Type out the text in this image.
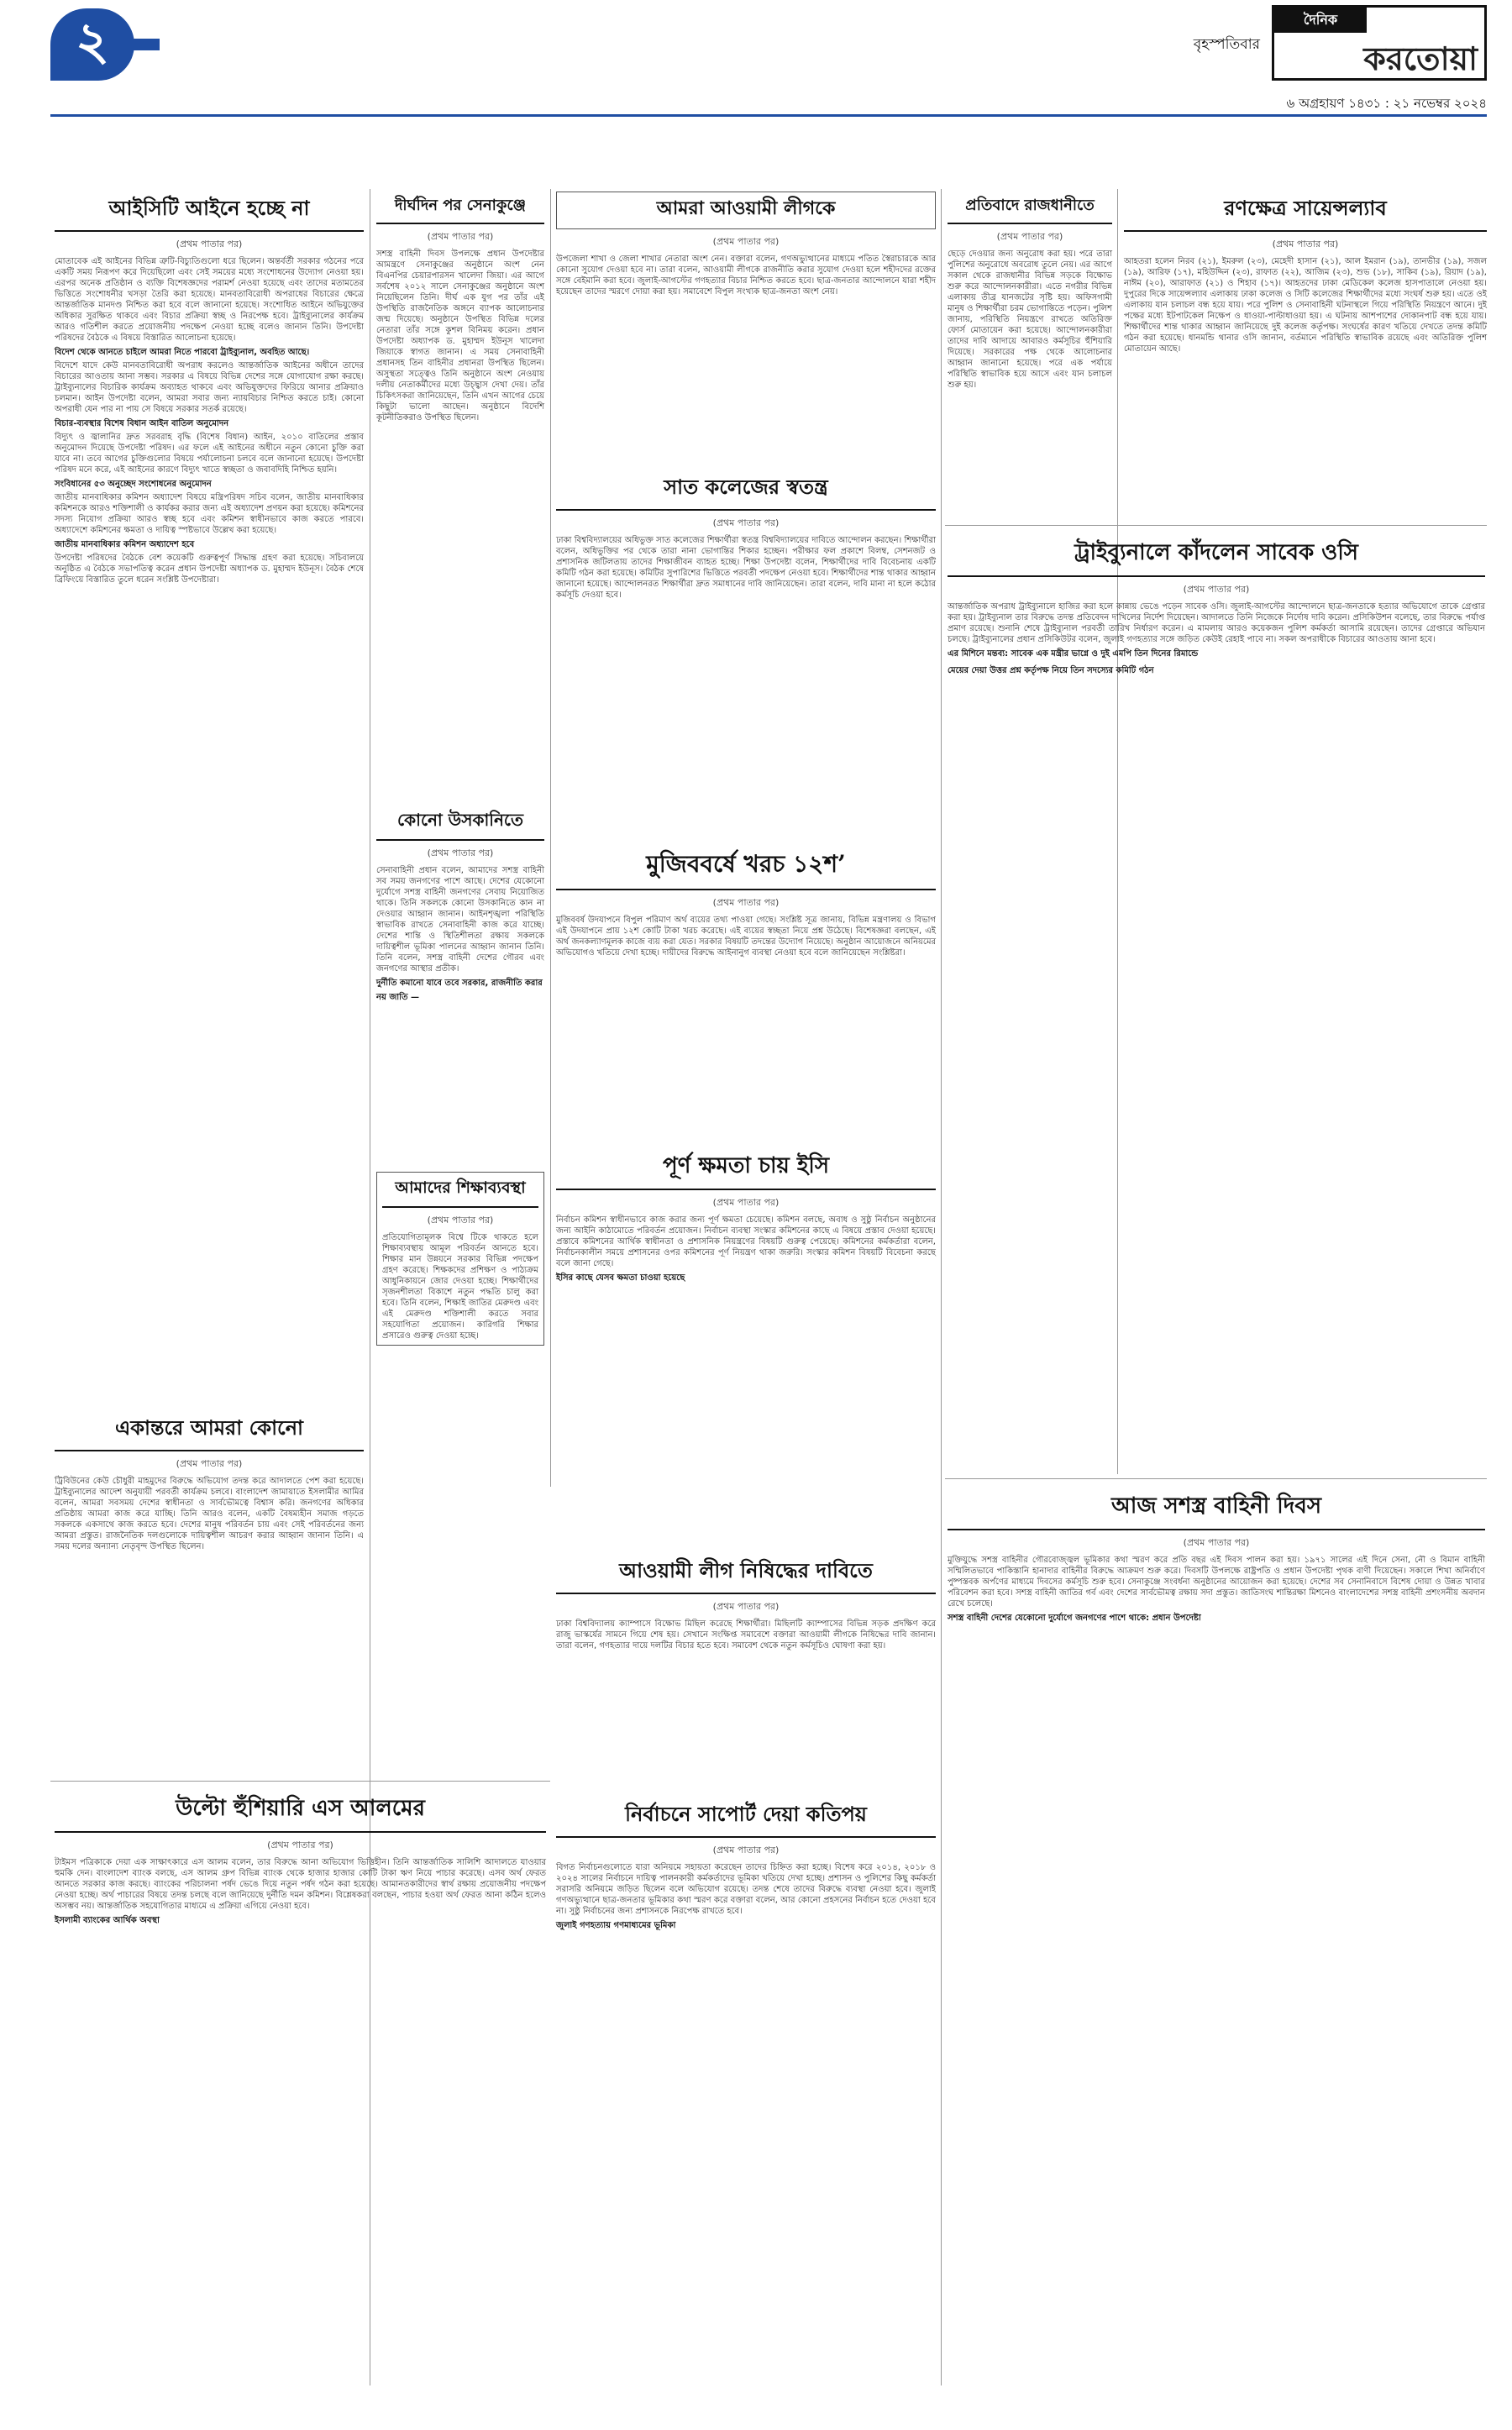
২	বৃহস্পতিবার
দৈনিক
করতোয়া
৬ অগ্রহায়ণ ১৪৩১ : ২১ নভেম্বর ২০২৪
আইসিটি আইনে হচ্ছে না
(প্রথম পাতার পর)

মোতাবেক এই আইনের বিভিন্ন ত্রুটি-বিচ্যুতিগুলো ধরে ছিলেন। অন্তর্বর্তী সরকার গঠনের পরে একটি সময় নিরূপণ করে দিয়েছিলো এবং সেই সময়ের মধ্যে সংশোধনের উদ্যোগ নেওয়া হয়। এরপর অনেক প্রতিষ্ঠান ও ব্যক্তি বিশেষজ্ঞদের পরামর্শ নেওয়া হয়েছে এবং তাদের মতামতের ভিত্তিতে সংশোধনীর খসড়া তৈরি করা হয়েছে। মানবতাবিরোধী অপরাধের বিচারের ক্ষেত্রে আন্তর্জাতিক মানদণ্ড নিশ্চিত করা হবে বলে জানানো হয়েছে। সংশোধিত আইনে অভিযুক্তের অধিকার সুরক্ষিত থাকবে এবং বিচার প্রক্রিয়া স্বচ্ছ ও নিরপেক্ষ হবে। ট্রাইব্যুনালের কার্যক্রম আরও গতিশীল করতে প্রয়োজনীয় পদক্ষেপ নেওয়া হচ্ছে বলেও জানান তিনি। উপদেষ্টা পরিষদের বৈঠকে এ বিষয়ে বিস্তারিত আলোচনা হয়েছে।

বিদেশ থেকে আনতে চাইলে আমরা নিতে পারবো ট্রাইব্যুনাল, অবহিত আছে।

বিদেশে যাদে কেউ মানবতাবিরোধী অপরাধ করলেও আন্তর্জাতিক আইনের অধীনে তাদের বিচারের আওতায় আনা সম্ভব। সরকার এ বিষয়ে বিভিন্ন দেশের সঙ্গে যোগাযোগ রক্ষা করছে। ট্রাইব্যুনালের বিচারিক কার্যক্রম অব্যাহত থাকবে এবং অভিযুক্তদের ফিরিয়ে আনার প্রক্রিয়াও চলমান। আইন উপদেষ্টা বলেন, আমরা সবার জন্য ন্যায়বিচার নিশ্চিত করতে চাই। কোনো অপরাধী যেন পার না পায় সে বিষয়ে সরকার সতর্ক রয়েছে।

বিচার-ব্যবস্থার বিশেষ বিধান আইন বাতিল অনুমোদন

বিদ্যুৎ ও জ্বালানির দ্রুত সরবরাহ বৃদ্ধি (বিশেষ বিধান) আইন, ২০১০ বাতিলের প্রস্তাব অনুমোদন দিয়েছে উপদেষ্টা পরিষদ। এর ফলে এই আইনের অধীনে নতুন কোনো চুক্তি করা যাবে না। তবে আগের চুক্তিগুলোর বিষয়ে পর্যালোচনা চলবে বলে জানানো হয়েছে। উপদেষ্টা পরিষদ মনে করে, এই আইনের কারণে বিদ্যুৎ খাতে স্বচ্ছতা ও জবাবদিহি নিশ্চিত হয়নি।

সংবিধানের ৫৩ অনুচ্ছেদ সংশোধনের অনুমোদন

জাতীয় মানবাধিকার কমিশন অধ্যাদেশ বিষয়ে মন্ত্রিপরিষদ সচিব বলেন, জাতীয় মানবাধিকার কমিশনকে আরও শক্তিশালী ও কার্যকর করার জন্য এই অধ্যাদেশ প্রণয়ন করা হয়েছে। কমিশনের সদস্য নিয়োগ প্রক্রিয়া আরও স্বচ্ছ হবে এবং কমিশন স্বাধীনভাবে কাজ করতে পারবে। অধ্যাদেশে কমিশনের ক্ষমতা ও দায়িত্ব স্পষ্টভাবে উল্লেখ করা হয়েছে।

জাতীয় মানবাধিকার কমিশন অধ্যাদেশ হবে

উপদেষ্টা পরিষদের বৈঠকে বেশ কয়েকটি গুরুত্বপূর্ণ সিদ্ধান্ত গ্রহণ করা হয়েছে। সচিবালয়ে অনুষ্ঠিত এ বৈঠকে সভাপতিত্ব করেন প্রধান উপদেষ্টা অধ্যাপক ড. মুহাম্মদ ইউনূস। বৈঠক শেষে ব্রিফিংয়ে বিস্তারিত তুলে ধরেন সংশ্লিষ্ট উপদেষ্টারা।

একান্তরে আমরা কোনো
(প্রথম পাতার পর)

ট্রিবিউনের কেউ চৌধুরী মাহমুদের বিরুদ্ধে অভিযোগ তদন্ত করে আদালতে পেশ করা হয়েছে। ট্রাইব্যুনালের আদেশ অনুযায়ী পরবর্তী কার্যক্রম চলবে। বাংলাদেশ জামায়াতে ইসলামীর আমির বলেন, আমরা সবসময় দেশের স্বাধীনতা ও সার্বভৌমত্বে বিশ্বাস করি। জনগণের অধিকার প্রতিষ্ঠায় আমরা কাজ করে যাচ্ছি। তিনি আরও বলেন, একটি বৈষম্যহীন সমাজ গড়তে সকলকে একসাথে কাজ করতে হবে। দেশের মানুষ পরিবর্তন চায় এবং সেই পরিবর্তনের জন্য আমরা প্রস্তুত। রাজনৈতিক দলগুলোকে দায়িত্বশীল আচরণ করার আহ্বান জানান তিনি। এ সময় দলের অন্যান্য নেতৃবৃন্দ উপস্থিত ছিলেন।

দীর্ঘদিন পর সেনাকুঞ্জে
(প্রথম পাতার পর)

সশস্ত্র বাহিনী দিবস উপলক্ষে প্রধান উপদেষ্টার আমন্ত্রণে সেনাকুঞ্জের অনুষ্ঠানে অংশ নেন বিএনপির চেয়ারপারসন খালেদা জিয়া। এর আগে সর্বশেষ ২০১২ সালে সেনাকুঞ্জের অনুষ্ঠানে অংশ নিয়েছিলেন তিনি। দীর্ঘ এক যুগ পর তাঁর এই উপস্থিতি রাজনৈতিক অঙ্গনে ব্যাপক আলোচনার জন্ম দিয়েছে। অনুষ্ঠানে উপস্থিত বিভিন্ন দলের নেতারা তাঁর সঙ্গে কুশল বিনিময় করেন। প্রধান উপদেষ্টা অধ্যাপক ড. মুহাম্মদ ইউনূস খালেদা জিয়াকে স্বাগত জানান। এ সময় সেনাবাহিনী প্রধানসহ তিন বাহিনীর প্রধানরা উপস্থিত ছিলেন। অসুস্থতা সত্ত্বেও তিনি অনুষ্ঠানে অংশ নেওয়ায় দলীয় নেতাকর্মীদের মধ্যে উচ্ছ্বাস দেখা দেয়। তাঁর চিকিৎসকরা জানিয়েছেন, তিনি এখন আগের চেয়ে কিছুটা ভালো আছেন। অনুষ্ঠানে বিদেশি কূটনীতিকরাও উপস্থিত ছিলেন।

কোনো উসকানিতে
(প্রথম পাতার পর)

সেনাবাহিনী প্রধান বলেন, আমাদের সশস্ত্র বাহিনী সব সময় জনগণের পাশে আছে। দেশের যেকোনো দুর্যোগে সশস্ত্র বাহিনী জনগণের সেবায় নিয়োজিত থাকে। তিনি সকলকে কোনো উসকানিতে কান না দেওয়ার আহ্বান জানান। আইনশৃঙ্খলা পরিস্থিতি স্বাভাবিক রাখতে সেনাবাহিনী কাজ করে যাচ্ছে। দেশের শান্তি ও স্থিতিশীলতা রক্ষায় সকলকে দায়িত্বশীল ভূমিকা পালনের আহ্বান জানান তিনি। তিনি বলেন, সশস্ত্র বাহিনী দেশের গৌরব এবং জনগণের আস্থার প্রতীক।

দুর্নীতি কমানো যাবে তবে সরকার, রাজনীতি করার নয় জাতি —

আমাদের শিক্ষাব্যবস্থা
(প্রথম পাতার পর)

প্রতিযোগিতামূলক বিশ্বে টিকে থাকতে হলে শিক্ষাব্যবস্থায় আমূল পরিবর্তন আনতে হবে। শিক্ষার মান উন্নয়নে সরকার বিভিন্ন পদক্ষেপ গ্রহণ করেছে। শিক্ষকদের প্রশিক্ষণ ও পাঠ্যক্রম আধুনিকায়নে জোর দেওয়া হচ্ছে। শিক্ষার্থীদের সৃজনশীলতা বিকাশে নতুন পদ্ধতি চালু করা হবে। তিনি বলেন, শিক্ষাই জাতির মেরুদণ্ড এবং এই মেরুদণ্ড শক্তিশালী করতে সবার সহযোগিতা প্রয়োজন। কারিগরি শিক্ষার প্রসারেও গুরুত্ব দেওয়া হচ্ছে।

আমরা আওয়ামী লীগকে
(প্রথম পাতার পর)

উপজেলা শাখা ও জেলা শাখার নেতারা অংশ নেন। বক্তারা বলেন, গণঅভ্যুত্থানের মাধ্যমে পতিত স্বৈরাচারকে আর কোনো সুযোগ দেওয়া হবে না। তারা বলেন, আওয়ামী লীগকে রাজনীতি করার সুযোগ দেওয়া হলে শহীদদের রক্তের সঙ্গে বেইমানি করা হবে। জুলাই-আগস্টের গণহত্যার বিচার নিশ্চিত করতে হবে। ছাত্র-জনতার আন্দোলনে যারা শহীদ হয়েছেন তাদের স্মরণে দোয়া করা হয়। সমাবেশে বিপুল সংখ্যক ছাত্র-জনতা অংশ নেয়।

সাত কলেজের স্বতন্ত্র
(প্রথম পাতার পর)

ঢাকা বিশ্ববিদ্যালয়ের অধিভুক্ত সাত কলেজের শিক্ষার্থীরা স্বতন্ত্র বিশ্ববিদ্যালয়ের দাবিতে আন্দোলন করছেন। শিক্ষার্থীরা বলেন, অধিভুক্তির পর থেকে তারা নানা ভোগান্তির শিকার হচ্ছেন। পরীক্ষার ফল প্রকাশে বিলম্ব, সেশনজট ও প্রশাসনিক জটিলতায় তাদের শিক্ষাজীবন ব্যাহত হচ্ছে। শিক্ষা উপদেষ্টা বলেন, শিক্ষার্থীদের দাবি বিবেচনায় একটি কমিটি গঠন করা হয়েছে। কমিটির সুপারিশের ভিত্তিতে পরবর্তী পদক্ষেপ নেওয়া হবে। শিক্ষার্থীদের শান্ত থাকার আহ্বান জানানো হয়েছে। আন্দোলনরত শিক্ষার্থীরা দ্রুত সমাধানের দাবি জানিয়েছেন। তারা বলেন, দাবি মানা না হলে কঠোর কর্মসূচি দেওয়া হবে।

মুজিববর্ষে খরচ ১২শ’
(প্রথম পাতার পর)

মুজিববর্ষ উদযাপনে বিপুল পরিমাণ অর্থ ব্যয়ের তথ্য পাওয়া গেছে। সংশ্লিষ্ট সূত্র জানায়, বিভিন্ন মন্ত্রণালয় ও বিভাগ এই উদযাপনে প্রায় ১২শ কোটি টাকা খরচ করেছে। এই ব্যয়ের স্বচ্ছতা নিয়ে প্রশ্ন উঠেছে। বিশেষজ্ঞরা বলছেন, এই অর্থ জনকল্যাণমূলক কাজে ব্যয় করা যেত। সরকার বিষয়টি তদন্তের উদ্যোগ নিয়েছে। অনুষ্ঠান আয়োজনে অনিয়মের অভিযোগও খতিয়ে দেখা হচ্ছে। দায়ীদের বিরুদ্ধে আইনানুগ ব্যবস্থা নেওয়া হবে বলে জানিয়েছেন সংশ্লিষ্টরা।

পূর্ণ ক্ষমতা চায় ইসি
(প্রথম পাতার পর)

নির্বাচন কমিশন স্বাধীনভাবে কাজ করার জন্য পূর্ণ ক্ষমতা চেয়েছে। কমিশন বলছে, অবাধ ও সুষ্ঠু নির্বাচন অনুষ্ঠানের জন্য আইনি কাঠামোতে পরিবর্তন প্রয়োজন। নির্বাচন ব্যবস্থা সংস্কার কমিশনের কাছে এ বিষয়ে প্রস্তাব দেওয়া হয়েছে। প্রস্তাবে কমিশনের আর্থিক স্বাধীনতা ও প্রশাসনিক নিয়ন্ত্রণের বিষয়টি গুরুত্ব পেয়েছে। কমিশনের কর্মকর্তারা বলেন, নির্বাচনকালীন সময়ে প্রশাসনের ওপর কমিশনের পূর্ণ নিয়ন্ত্রণ থাকা জরুরি। সংস্কার কমিশন বিষয়টি বিবেচনা করছে বলে জানা গেছে।

ইসির কাছে যেসব ক্ষমতা চাওয়া হয়েছে

আওয়ামী লীগ নিষিদ্ধের দাবিতে
(প্রথম পাতার পর)

ঢাকা বিশ্ববিদ্যালয় ক্যাম্পাসে বিক্ষোভ মিছিল করেছে শিক্ষার্থীরা। মিছিলটি ক্যাম্পাসের বিভিন্ন সড়ক প্রদক্ষিণ করে রাজু ভাস্কর্যের সামনে গিয়ে শেষ হয়। সেখানে সংক্ষিপ্ত সমাবেশে বক্তারা আওয়ামী লীগকে নিষিদ্ধের দাবি জানান। তারা বলেন, গণহত্যার দায়ে দলটির বিচার হতে হবে। সমাবেশ থেকে নতুন কর্মসূচিও ঘোষণা করা হয়।

নির্বাচনে সাপোর্ট দেয়া কতিপয়
(প্রথম পাতার পর)

বিগত নির্বাচনগুলোতে যারা অনিয়মে সহায়তা করেছেন তাদের চিহ্নিত করা হচ্ছে। বিশেষ করে ২০১৪, ২০১৮ ও ২০২৪ সালের নির্বাচনে দায়িত্ব পালনকারী কর্মকর্তাদের ভূমিকা খতিয়ে দেখা হচ্ছে। প্রশাসন ও পুলিশের কিছু কর্মকর্তা সরাসরি অনিয়মে জড়িত ছিলেন বলে অভিযোগ রয়েছে। তদন্ত শেষে তাদের বিরুদ্ধে ব্যবস্থা নেওয়া হবে। জুলাই গণঅভ্যুত্থানে ছাত্র-জনতার ভূমিকার কথা স্মরণ করে বক্তারা বলেন, আর কোনো প্রহসনের নির্বাচন হতে দেওয়া হবে না। সুষ্ঠু নির্বাচনের জন্য প্রশাসনকে নিরপেক্ষ রাখতে হবে।

জুলাই গণহত্যায় গণমাধ্যমের ভূমিকা

উল্টো হুঁশিয়ারি এস আলমের
(প্রথম পাতার পর)

টাইমস পত্রিকাকে দেয়া এক সাক্ষাৎকারে এস আলম বলেন, তার বিরুদ্ধে আনা অভিযোগ ভিত্তিহীন। তিনি আন্তর্জাতিক সালিশি আদালতে যাওয়ার হুমকি দেন। বাংলাদেশ ব্যাংক বলছে, এস আলম গ্রুপ বিভিন্ন ব্যাংক থেকে হাজার হাজার কোটি টাকা ঋণ নিয়ে পাচার করেছে। এসব অর্থ ফেরত আনতে সরকার কাজ করছে। ব্যাংকের পরিচালনা পর্ষদ ভেঙে দিয়ে নতুন পর্ষদ গঠন করা হয়েছে। আমানতকারীদের স্বার্থ রক্ষায় প্রয়োজনীয় পদক্ষেপ নেওয়া হচ্ছে। অর্থ পাচারের বিষয়ে তদন্ত চলছে বলে জানিয়েছে দুর্নীতি দমন কমিশন। বিশ্লেষকরা বলছেন, পাচার হওয়া অর্থ ফেরত আনা কঠিন হলেও অসম্ভব নয়। আন্তর্জাতিক সহযোগিতার মাধ্যমে এ প্রক্রিয়া এগিয়ে নেওয়া হবে।

ইসলামী ব্যাংকের আর্থিক অবস্থা

প্রতিবাদে রাজধানীতে
(প্রথম পাতার পর)

ছেড়ে দেওয়ার জন্য অনুরোধ করা হয়। পরে তারা পুলিশের অনুরোধে অবরোধ তুলে নেয়। এর আগে সকাল থেকে রাজধানীর বিভিন্ন সড়কে বিক্ষোভ শুরু করে আন্দোলনকারীরা। এতে নগরীর বিভিন্ন এলাকায় তীব্র যানজটের সৃষ্টি হয়। অফিসগামী মানুষ ও শিক্ষার্থীরা চরম ভোগান্তিতে পড়েন। পুলিশ জানায়, পরিস্থিতি নিয়ন্ত্রণে রাখতে অতিরিক্ত ফোর্স মোতায়েন করা হয়েছে। আন্দোলনকারীরা তাদের দাবি আদায়ে আবারও কর্মসূচির হুঁশিয়ারি দিয়েছে। সরকারের পক্ষ থেকে আলোচনার আহ্বান জানানো হয়েছে। পরে এক পর্যায়ে পরিস্থিতি স্বাভাবিক হয়ে আসে এবং যান চলাচল শুরু হয়।

রণক্ষেত্র সায়েন্সল্যাব
(প্রথম পাতার পর)

আহতরা হলেন নিরব (২১), ইমরুল (২৩), মেহেদী হাসান (২১), আল ইমরান (১৯), তানভীর (১৯), সজল (১৯), আরিফ (১৭), মহিউদ্দিন (২৩), রাফাত (২২), আজিম (২৩), শুভ (১৮), সাকিব (১৯), রিয়াদ (১৯), নাঈম (২০), আরাফাত (২১) ও শিহাব (১৭)। আহতদের ঢাকা মেডিকেল কলেজ হাসপাতালে নেওয়া হয়। দুপুরের দিকে সায়েন্সল্যাব এলাকায় ঢাকা কলেজ ও সিটি কলেজের শিক্ষার্থীদের মধ্যে সংঘর্ষ শুরু হয়। এতে ওই এলাকায় যান চলাচল বন্ধ হয়ে যায়। পরে পুলিশ ও সেনাবাহিনী ঘটনাস্থলে গিয়ে পরিস্থিতি নিয়ন্ত্রণে আনে। দুই পক্ষের মধ্যে ইটপাটকেল নিক্ষেপ ও ধাওয়া-পাল্টাধাওয়া হয়। এ ঘটনায় আশপাশের দোকানপাট বন্ধ হয়ে যায়। শিক্ষার্থীদের শান্ত থাকার আহ্বান জানিয়েছে দুই কলেজ কর্তৃপক্ষ। সংঘর্ষের কারণ খতিয়ে দেখতে তদন্ত কমিটি গঠন করা হয়েছে। ধানমন্ডি থানার ওসি জানান, বর্তমানে পরিস্থিতি স্বাভাবিক রয়েছে এবং অতিরিক্ত পুলিশ মোতায়েন আছে।

ট্রাইব্যুনালে কাঁদলেন সাবেক ওসি
(প্রথম পাতার পর)

আন্তর্জাতিক অপরাধ ট্রাইব্যুনালে হাজির করা হলে কান্নায় ভেঙে পড়েন সাবেক ওসি। জুলাই-আগস্টের আন্দোলনে ছাত্র-জনতাকে হত্যার অভিযোগে তাকে গ্রেপ্তার করা হয়। ট্রাইব্যুনাল তার বিরুদ্ধে তদন্ত প্রতিবেদন দাখিলের নির্দেশ দিয়েছেন। আদালতে তিনি নিজেকে নির্দোষ দাবি করেন। প্রসিকিউশন বলেছে, তার বিরুদ্ধে পর্যাপ্ত প্রমাণ রয়েছে। শুনানি শেষে ট্রাইব্যুনাল পরবর্তী তারিখ নির্ধারণ করেন। এ মামলায় আরও কয়েকজন পুলিশ কর্মকর্তা আসামি রয়েছেন। তাদের গ্রেপ্তারে অভিযান চলছে। ট্রাইব্যুনালের প্রধান প্রসিকিউটর বলেন, জুলাই গণহত্যার সঙ্গে জড়িত কেউই রেহাই পাবে না। সকল অপরাধীকে বিচারের আওতায় আনা হবে।

এর মিশিনে মন্তব্য: সাবেক এক মন্ত্রীর ভাগ্নে ও দুই এমপি তিন দিনের রিমান্ডে

মেয়ের দেয়া উত্তর প্রশ্ন কর্তৃপক্ষ নিয়ে তিন সদস্যের কমিটি গঠন

আজ সশস্ত্র বাহিনী দিবস
(প্রথম পাতার পর)

মুক্তিযুদ্ধে সশস্ত্র বাহিনীর গৌরবোজ্জ্বল ভূমিকার কথা স্মরণ করে প্রতি বছর এই দিবস পালন করা হয়। ১৯৭১ সালের এই দিনে সেনা, নৌ ও বিমান বাহিনী সম্মিলিতভাবে পাকিস্তানি হানাদার বাহিনীর বিরুদ্ধে আক্রমণ শুরু করে। দিবসটি উপলক্ষে রাষ্ট্রপতি ও প্রধান উপদেষ্টা পৃথক বাণী দিয়েছেন। সকালে শিখা অনির্বাণে পুষ্পস্তবক অর্পণের মাধ্যমে দিবসের কর্মসূচি শুরু হবে। সেনাকুঞ্জে সংবর্ধনা অনুষ্ঠানের আয়োজন করা হয়েছে। দেশের সব সেনানিবাসে বিশেষ দোয়া ও উন্নত খাবার পরিবেশন করা হবে। সশস্ত্র বাহিনী জাতির গর্ব এবং দেশের সার্বভৌমত্ব রক্ষায় সদা প্রস্তুত। জাতিসংঘ শান্তিরক্ষা মিশনেও বাংলাদেশের সশস্ত্র বাহিনী প্রশংসনীয় অবদান রেখে চলেছে।

সশস্ত্র বাহিনী দেশের যেকোনো দুর্যোগে জনগণের পাশে থাকে: প্রধান উপদেষ্টা
